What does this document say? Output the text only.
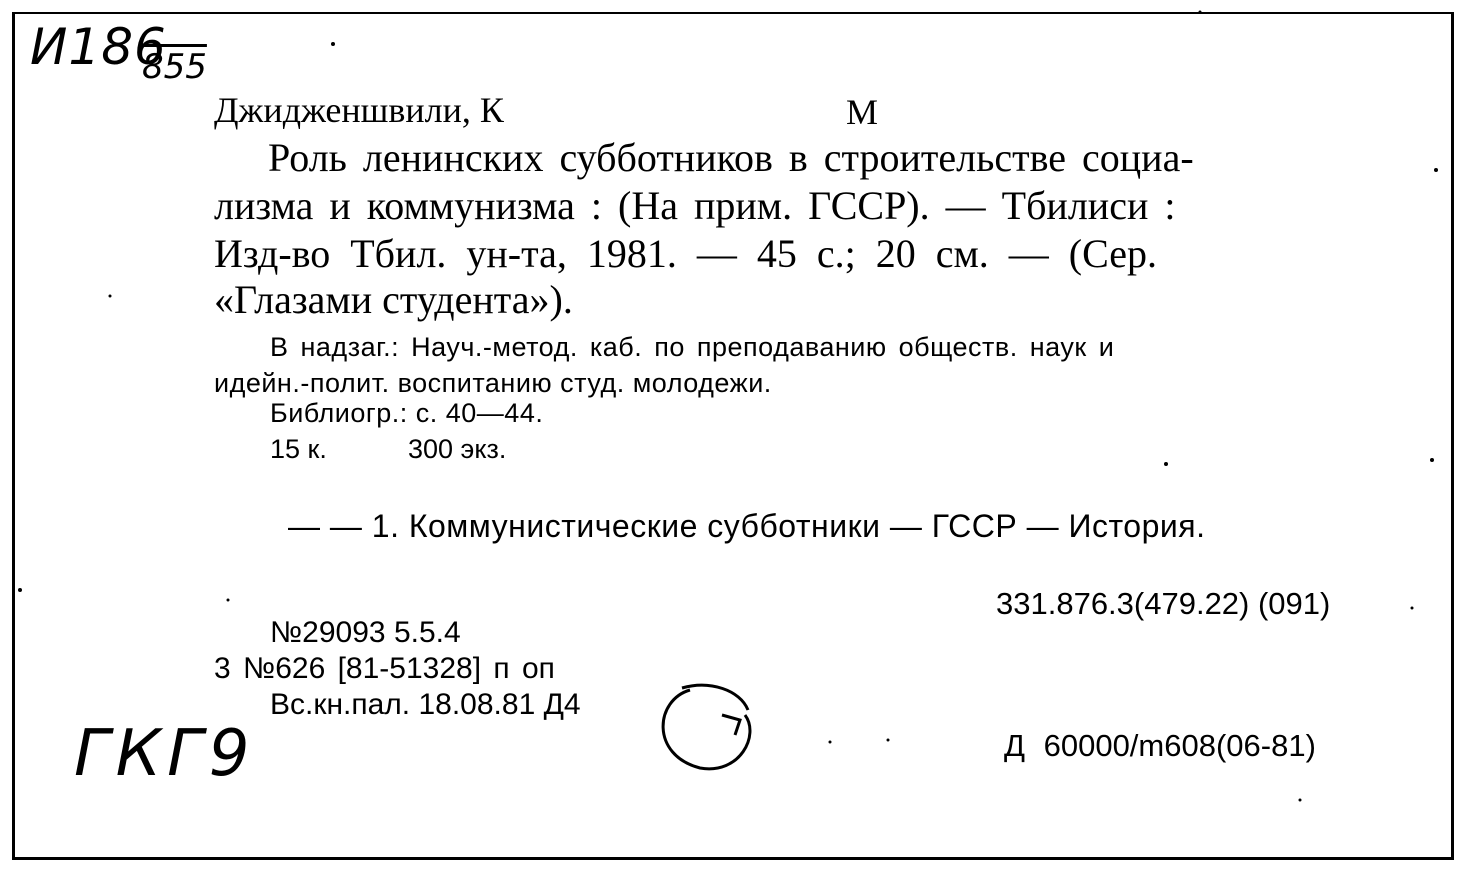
И186
855
Джидженшвили, К	М
Роль ленинских субботников в строительстве социа-
лизма и коммунизма : (На прим. ГССР). — Тбилиси :
Изд-во Тбил. ун-та, 1981. — 45 с.; 20 см. — (Сер.
«Глазами студента»).
В надзаг.: Науч.-метод. каб. по преподаванию обществ. наук и
идейн.-полит. воспитанию студ. молодежи.
Библиогр.: с. 40—44.
15 к.	300 экз.
— — 1. Коммунистические субботники — ГССР — История.
331.876.3(479.22) (091)
№29093 5.5.4
3 №626 [81-51328] п оп
Вс.кн.пал. 18.08.81 Д4
Д 60000/m608(06-81)
ГКГ9
